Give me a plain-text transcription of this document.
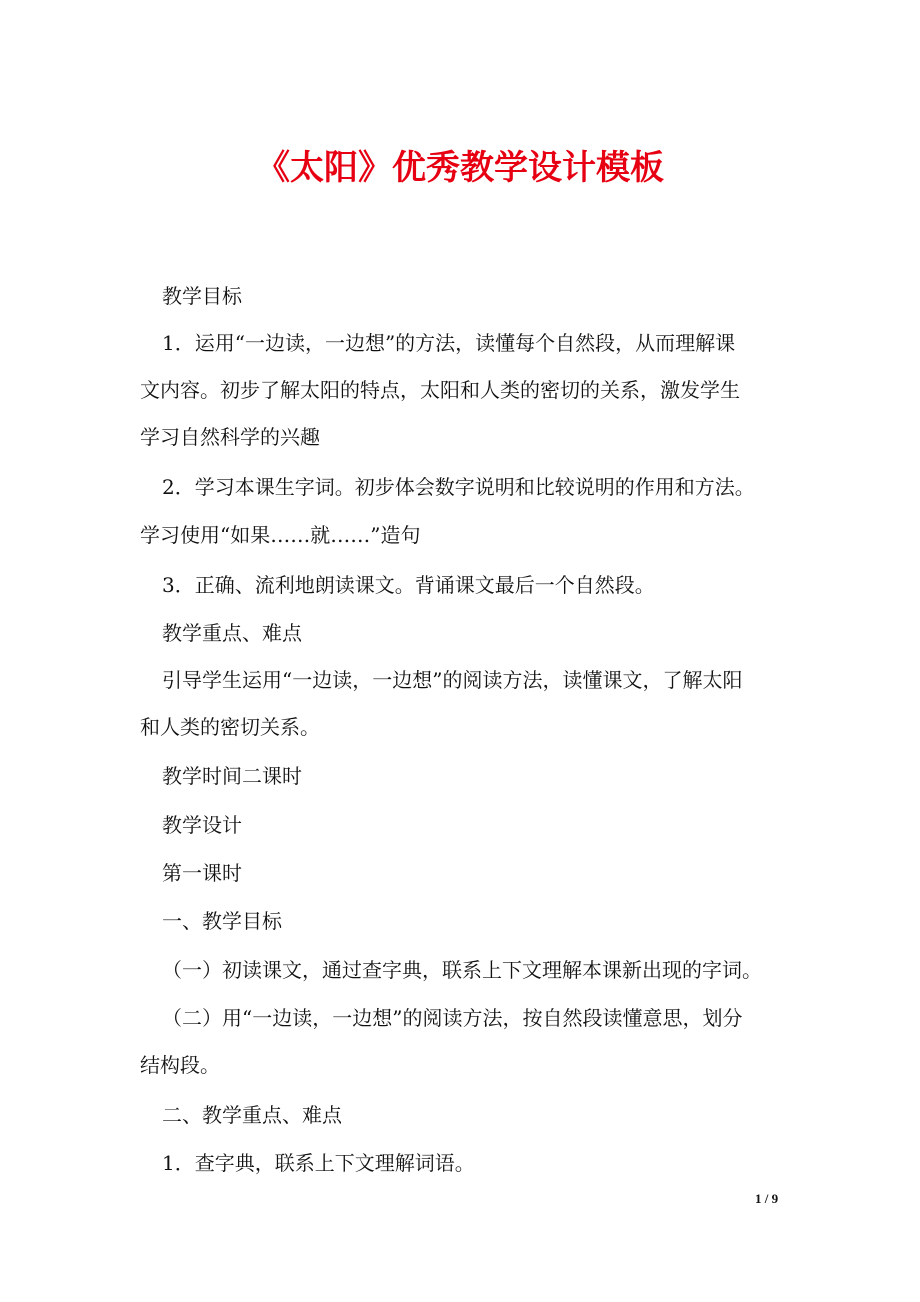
《太阳》优秀教学设计模板

教学目标

1．运用“一边读，一边想”的方法，读懂每个自然段，从而理解课

文内容。初步了解太阳的特点，太阳和人类的密切的关系，激发学生

学习自然科学的兴趣

2．学习本课生字词。初步体会数字说明和比较说明的作用和方法。

学习使用“如果……就……”造句

3．正确、流利地朗读课文。背诵课文最后一个自然段。

教学重点、难点

引导学生运用“一边读，一边想”的阅读方法，读懂课文，了解太阳

和人类的密切关系。

教学时间二课时

教学设计

第一课时

一、教学目标

（一）初读课文，通过查字典，联系上下文理解本课新出现的字词。

（二）用“一边读，一边想”的阅读方法，按自然段读懂意思，划分

结构段。

二、教学重点、难点

1．查字典，联系上下文理解词语。

1 / 9
